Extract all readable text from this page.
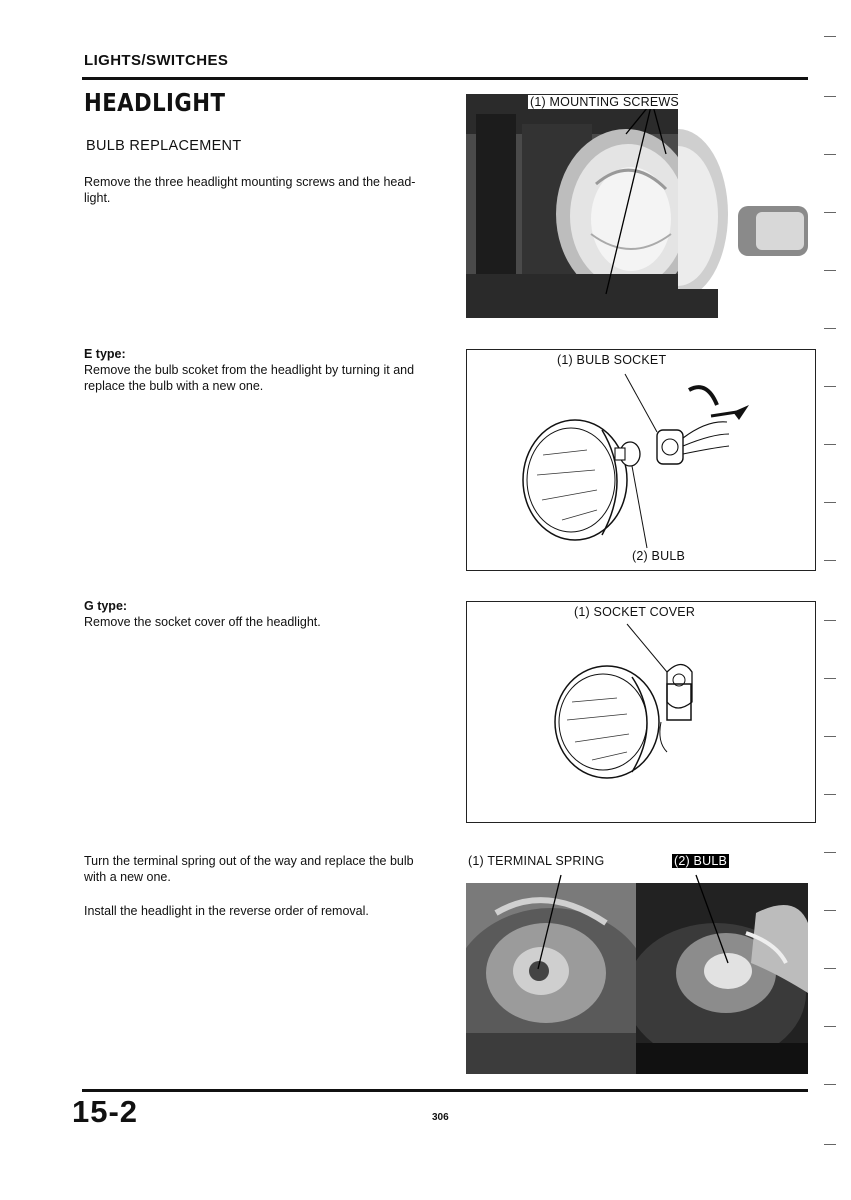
LIGHTS/SWITCHES
HEADLIGHT
BULB REPLACEMENT
Remove the three headlight mounting screws and the head-
light.
E type:
Remove the bulb scoket from the headlight by turning it and
replace the bulb with a new one.
G type:
Remove the socket cover off the headlight.
Turn the terminal spring out of the way and replace the bulb
with a new one.
Install the headlight in the reverse order of removal.
(1) MOUNTING SCREWS
(1) BULB SOCKET
(2) BULB
(1) SOCKET COVER
(1) TERMINAL SPRING	(2) BULB
15-2	306
